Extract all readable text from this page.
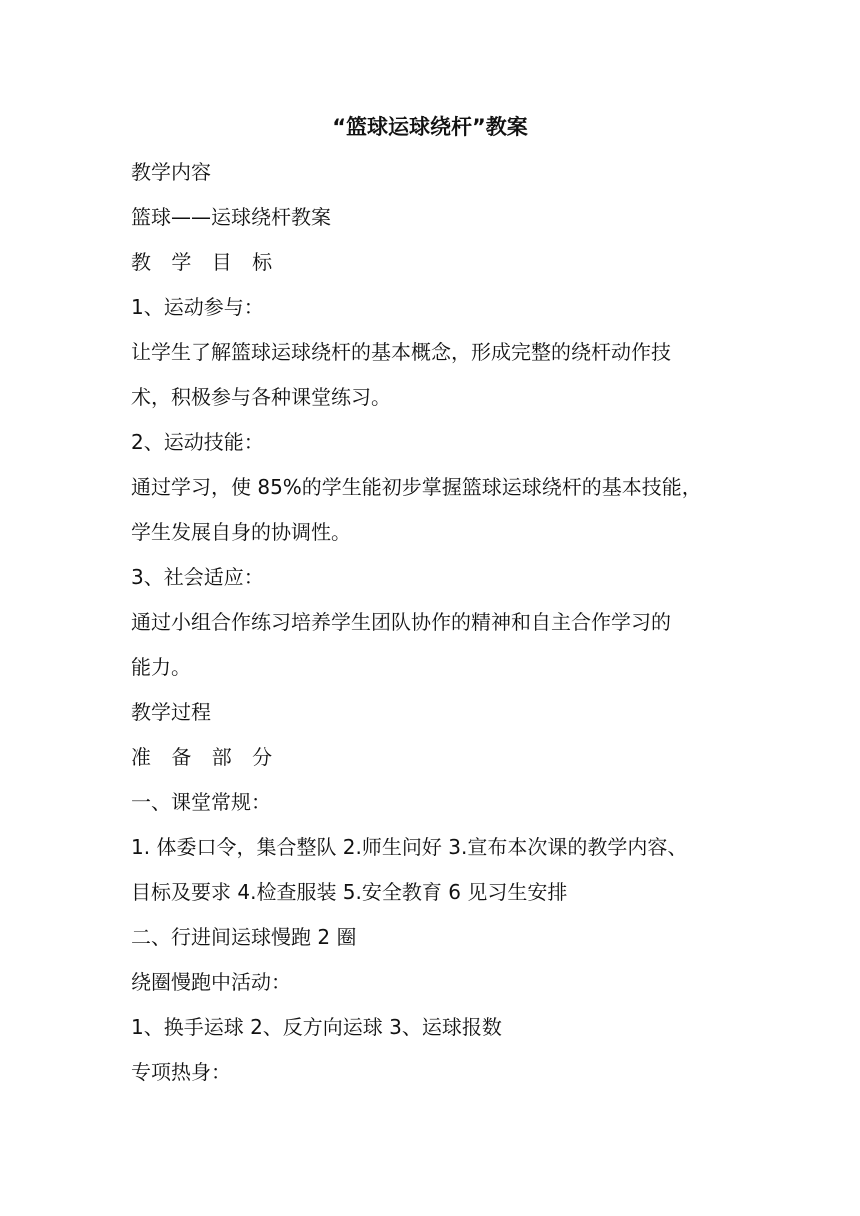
“篮球运球绕杆”教案
教学内容
篮球——运球绕杆教案
教 学 目 标
1、运动参与：
让学生了解篮球运球绕杆的基本概念，形成完整的绕杆动作技
术，积极参与各种课堂练习。
2、运动技能：
通过学习，使 85%的学生能初步掌握篮球运球绕杆的基本技能，
学生发展自身的协调性。
3、社会适应：
通过小组合作练习培养学生团队协作的精神和自主合作学习的
能力。
教学过程
准 备 部 分
一、课堂常规：
1. 体委口令，集合整队 2.师生问好 3.宣布本次课的教学内容、
目标及要求 4.检查服装 5.安全教育 6 见习生安排
二、行进间运球慢跑 2 圈
绕圈慢跑中活动：
1、换手运球 2、反方向运球 3、运球报数
专项热身：
